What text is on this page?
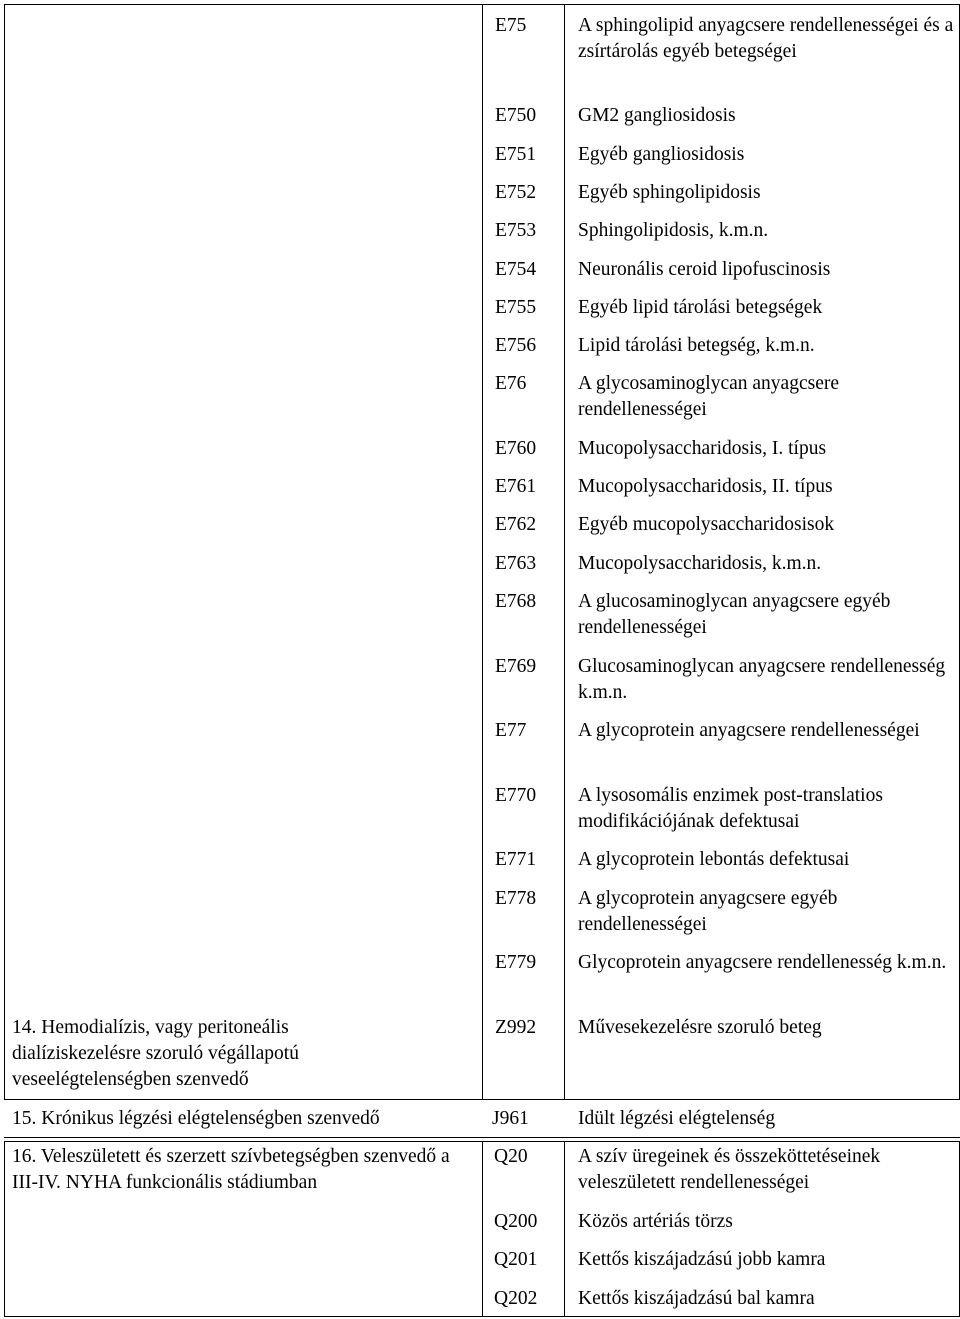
E75
E750
E751
E752
E753
E754
E755
E756
E76
E760
E761
E762
E763
E768
E769
E77
E770
E771
E778
E779
Z992
A sphingolipid anyagcsere rendellenességei és a zsírtárolás egyéb betegségei
GM2 gangliosidosis
Egyéb gangliosidosis
Egyéb sphingolipidosis
Sphingolipidosis, k.m.n.
Neuronális ceroid lipofuscinosis
Egyéb lipid tárolási betegségek
Lipid tárolási betegség, k.m.n.
A glycosaminoglycan anyagcsere rendellenességei
Mucopolysaccharidosis, I. típus
Mucopolysaccharidosis, II. típus
Egyéb mucopolysaccharidosisok
Mucopolysaccharidosis, k.m.n.
A glucosaminoglycan anyagcsere egyéb rendellenességei
Glucosaminoglycan anyagcsere rendellenesség k.m.n.
A glycoprotein anyagcsere rendellenességei
A lysosomális enzimek post-translatios modifikációjának defektusai
A glycoprotein lebontás defektusai
A glycoprotein anyagcsere egyéb rendellenességei
Glycoprotein anyagcsere rendellenesség k.m.n.
Művesekezelésre szoruló beteg
14. Hemodialízis, vagy peritoneális dialíziskezelésre szoruló végállapotú veseelégtelenségben szenvedő
15. Krónikus légzési elégtelenségben szenvedő	J961	Idült légzési elégtelenség
16. Veleszületett és szerzett szívbetegségben szenvedő a III-IV. NYHA funkcionális stádiumban
Q20
Q200
Q201
Q202
A szív üregeinek és összeköttetéseinek veleszületett rendellenességei
Közös artériás törzs
Kettős kiszájadzású jobb kamra
Kettős kiszájadzású bal kamra
